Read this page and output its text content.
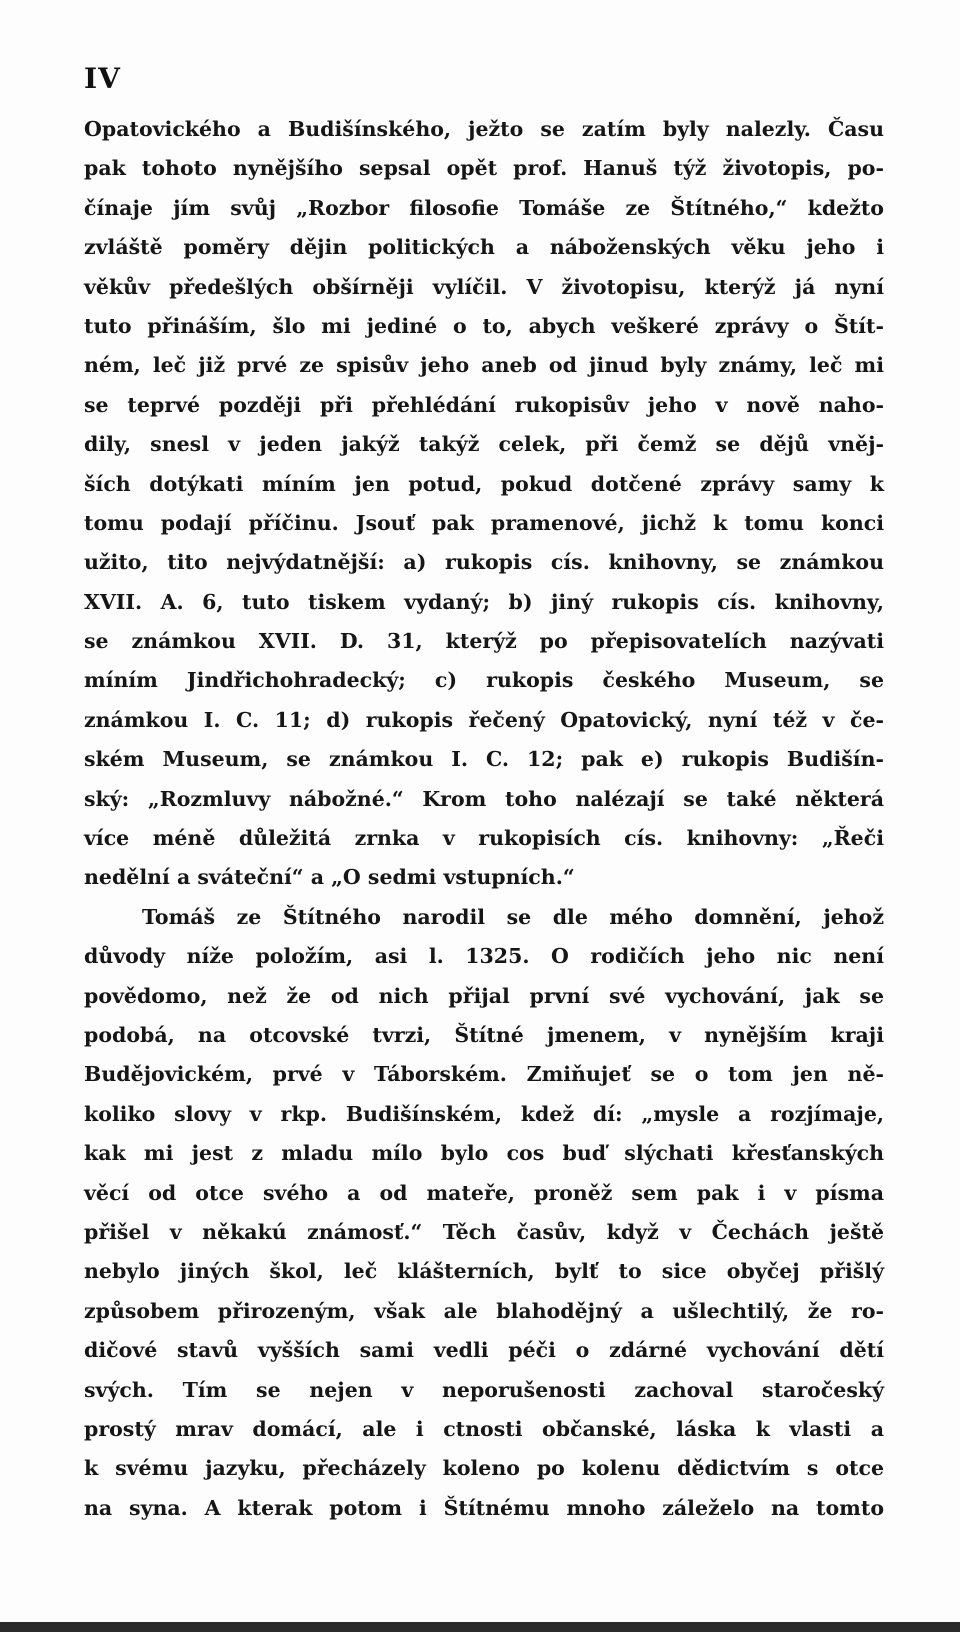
IV
Opatovického a Budišínského, ježto se zatím byly nalezly. Času
pak tohoto nynějšího sepsal opět prof. Hanuš týž životopis, po-
čínaje jím svůj „Rozbor filosofie Tomáše ze Štítného,“ kdežto
zvláště poměry dějin politických a náboženských věku jeho i
věkův předešlých obšírněji vylíčil. V životopisu, kterýž já nyní
tuto přináším, šlo mi jediné o to, abych veškeré zprávy o Štít-
ném, leč již prvé ze spisův jeho aneb od jinud byly známy, leč mi
se teprvé později při přehlédání rukopisův jeho v nově naho-
dily, snesl v jeden jakýž takýž celek, při čemž se dějů vněj-
ších dotýkati míním jen potud, pokud dotčené zprávy samy k
tomu podají příčinu. Jsouť pak pramenové, jichž k tomu konci
užito, tito nejvýdatnější: a) rukopis cís. knihovny, se známkou
XVII. A. 6, tuto tiskem vydaný; b) jiný rukopis cís. knihovny,
se známkou XVII. D. 31, kterýž po přepisovatelích nazývati
míním Jindřichohradecký; c) rukopis českého Museum, se
známkou I. C. 11; d) rukopis řečený Opatovický, nyní též v če-
ském Museum, se známkou I. C. 12; pak e) rukopis Budišín-
ský: „Rozmluvy nábožné.“ Krom toho nalézají se také některá
více méně důležitá zrnka v rukopisích cís. knihovny: „Řeči
nedělní a sváteční“ a „O sedmi vstupních.“
Tomáš ze Štítného narodil se dle mého domnění, jehož
důvody níže položím, asi l. 1325. O rodičích jeho nic není
povědomo, než že od nich přijal první své vychování, jak se
podobá, na otcovské tvrzi, Štítné jmenem, v nynějším kraji
Budějovickém, prvé v Táborském. Zmiňujeť se o tom jen ně-
koliko slovy v rkp. Budišínském, kdež dí: „mysle a rozjímaje,
kak mi jest z mladu mílo bylo cos buď slýchati křesťanských
věcí od otce svého a od mateře, proněž sem pak i v písma
přišel v někakú známosť.“ Těch časův, když v Čechách ještě
nebylo jiných škol, leč klášterních, bylť to sice obyčej přišlý
způsobem přirozeným, však ale blahodějný a ušlechtilý, že ro-
dičové stavů vyšších sami vedli péči o zdárné vychování dětí
svých. Tím se nejen v neporušenosti zachoval staročeský
prostý mrav domácí, ale i ctnosti občanské, láska k vlasti a
k svému jazyku, přecházely koleno po kolenu dědictvím s otce
na syna. A kterak potom i Štítnému mnoho záleželo na tomto
